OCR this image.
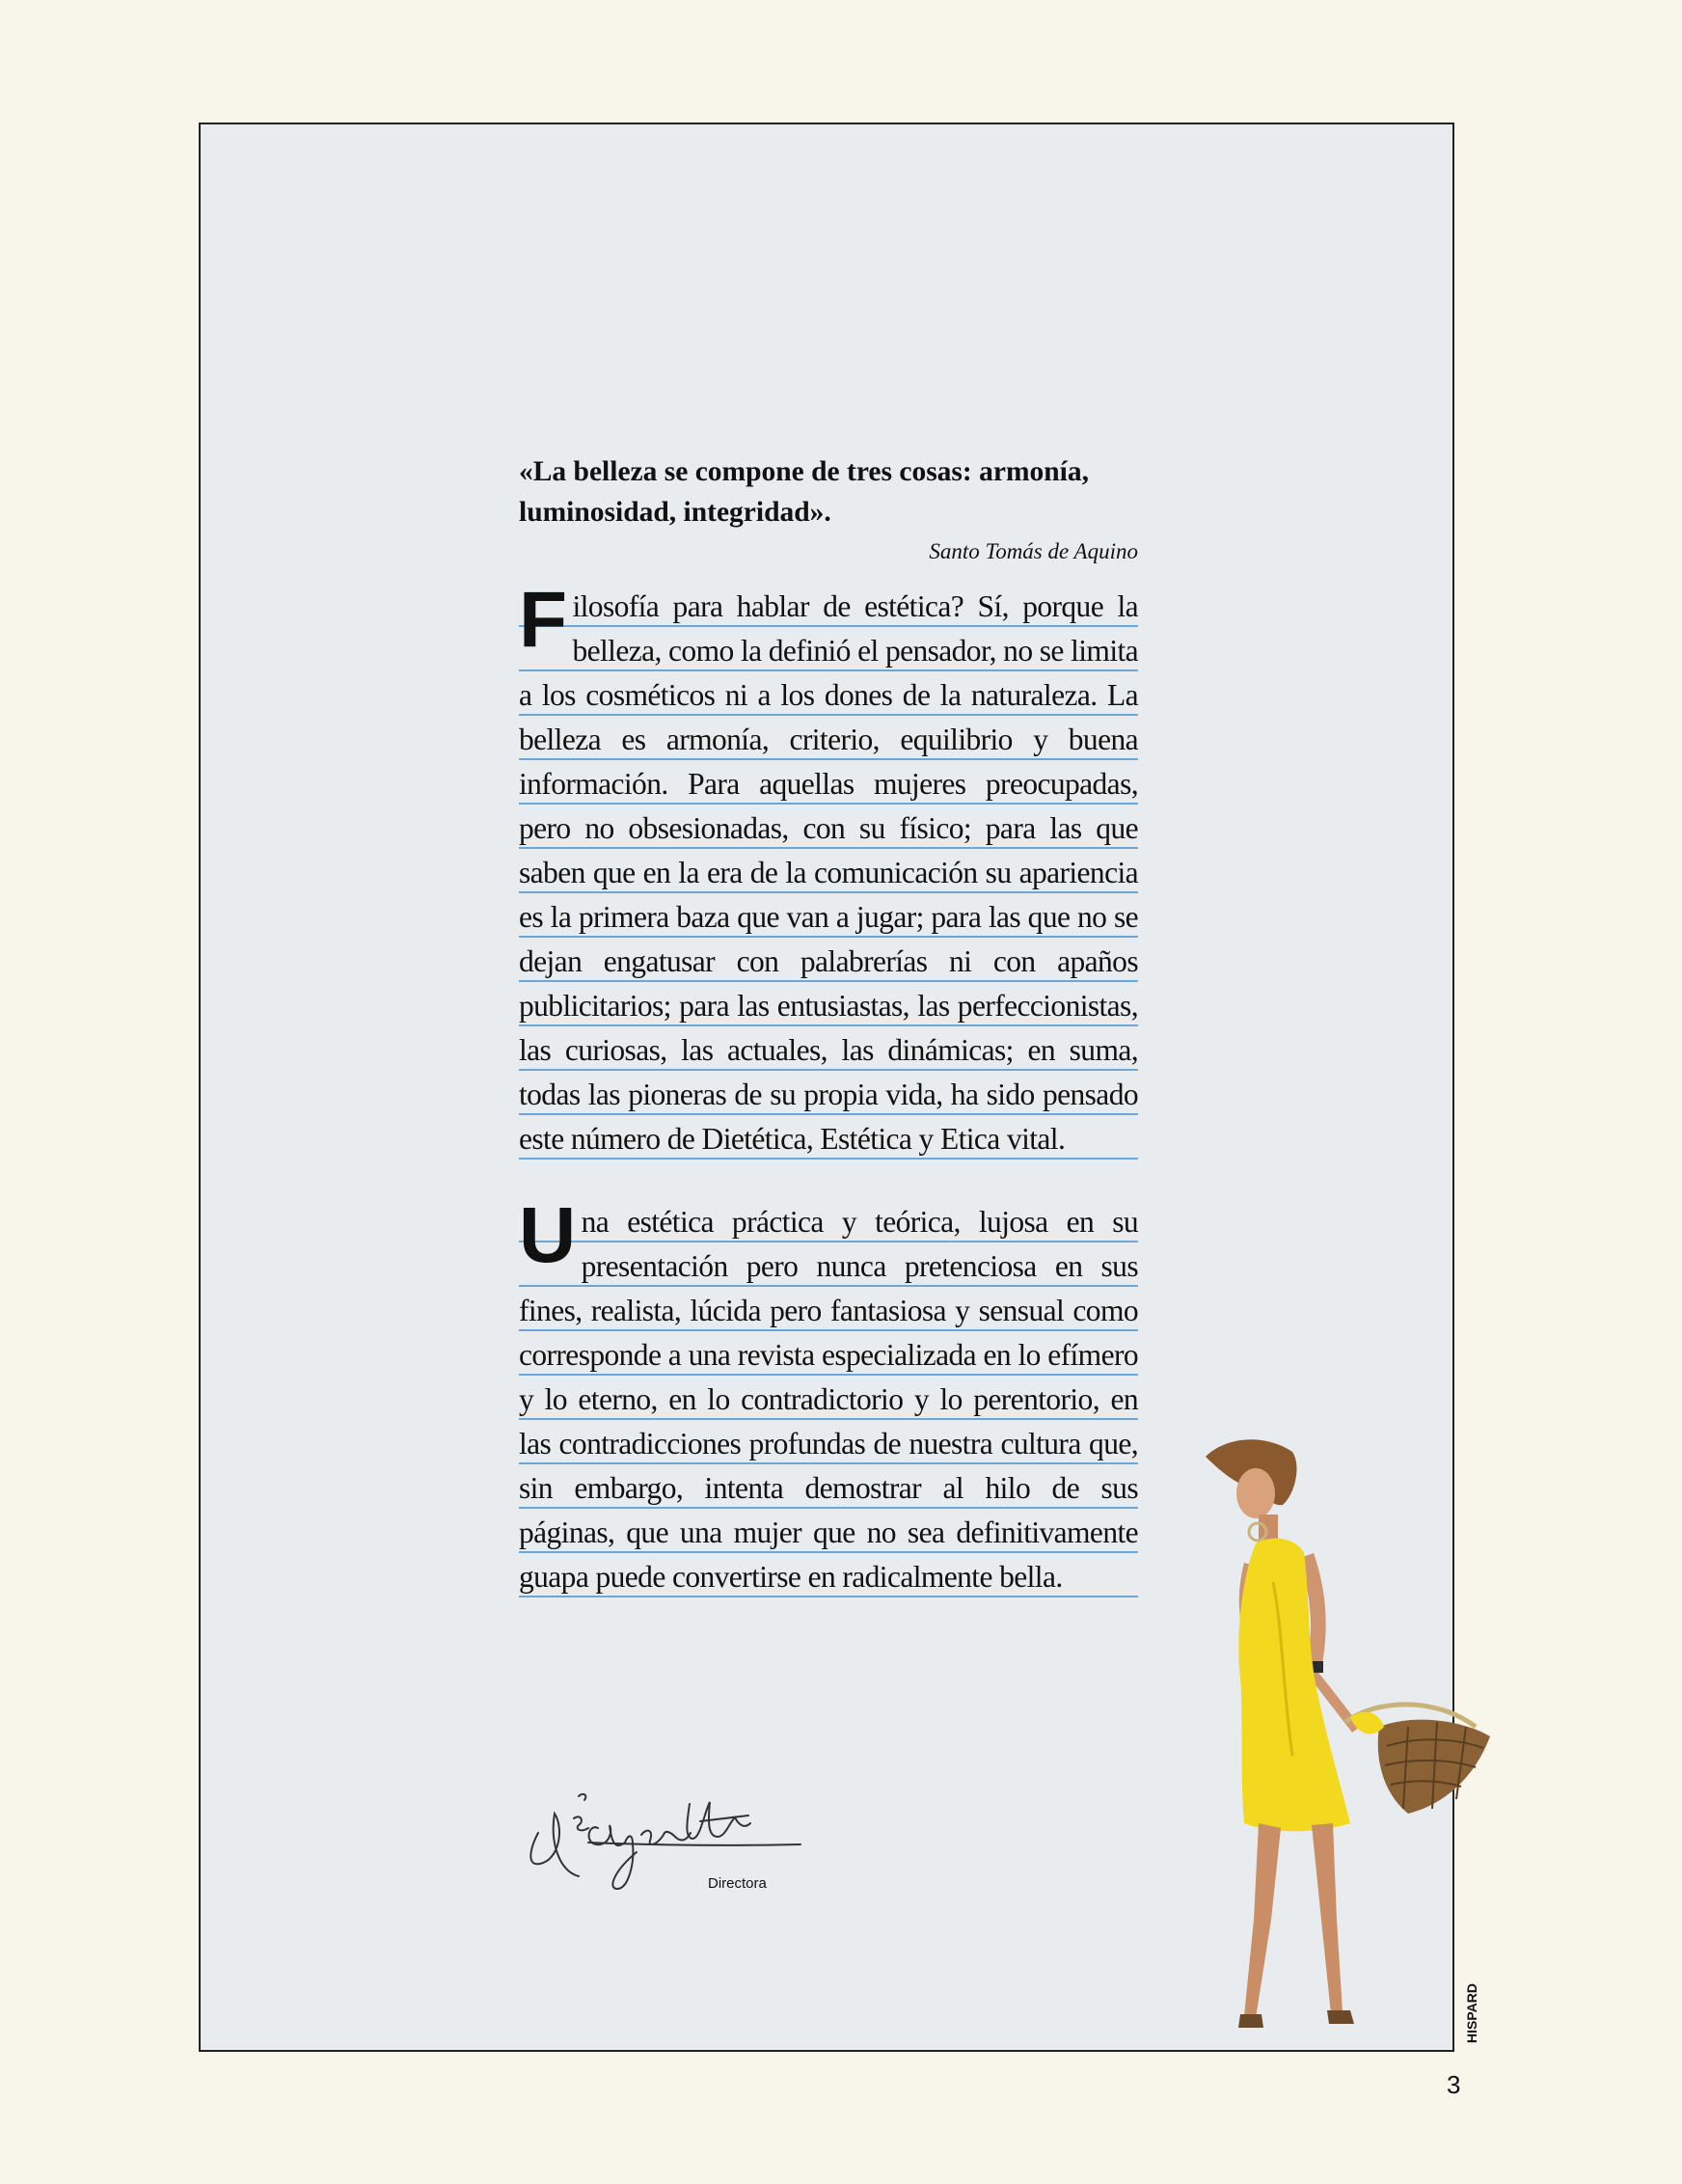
«La belleza se compone de tres cosas: armonía, luminosidad, integridad».

Santo Tomás de Aquino

Filosofía para hablar de estética? Sí, porque la belleza, como la definió el pensador, no se limita a los cosméticos ni a los dones de la naturaleza. La belleza es armonía, criterio, equilibrio y buena información. Para aquellas mujeres preocupadas, pero no obsesionadas, con su físico; para las que saben que en la era de la comunicación su apariencia es la primera baza que van a jugar; para las que no se dejan engatusar con palabrerías ni con apaños publicitarios; para las entusiastas, las perfeccionistas, las curiosas, las actuales, las dinámicas; en suma, todas las pioneras de su propia vida, ha sido pensado este número de Dietética, Estética y Etica vital.

Una estética práctica y teórica, lujosa en su presentación pero nunca pretenciosa en sus fines, realista, lúcida pero fantasiosa y sensual como corresponde a una revista especializada en lo efímero y lo eterno, en lo contradictorio y lo perentorio, en las contradicciones profundas de nuestra cultura que, sin embargo, intenta demostrar al hilo de sus páginas, que una mujer que no sea definitivamente guapa puede convertirse en radicalmente bella.

Directora
HISPARD
3
